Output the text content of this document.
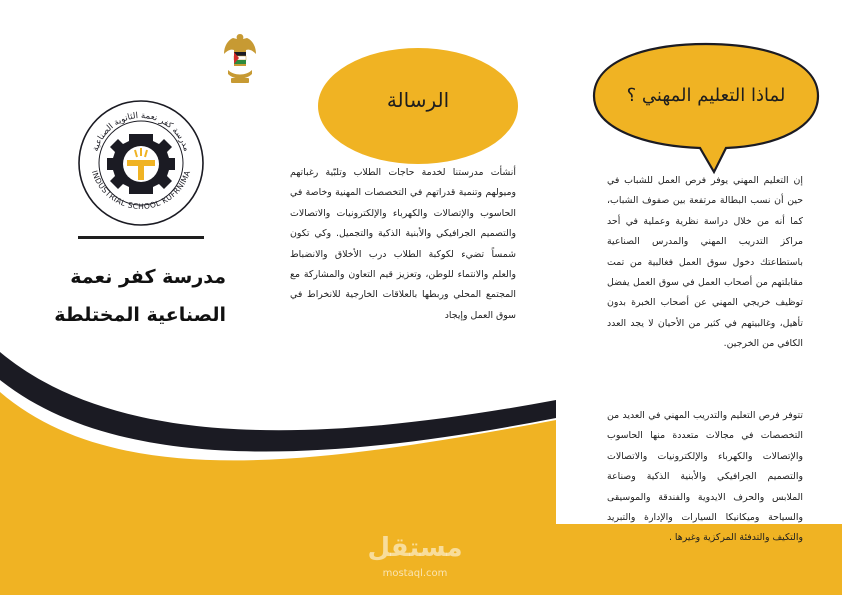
مدرسة كفر نعمة الثانوية الصناعية
INDUSTRIAL SCHOOL KUFRNIMA
مدرسة كفر نعمة
الصناعية المختلطة
الرسالة
أنشأت مدرستنا لخدمة حاجات الطلاب وتلبّية رغباتهم وميولهم وتنمية قدراتهم في التخصصات المهنية وخاصة في الحاسوب والإتصالات والكهرباء والإلكترونيات والاتصالات والتصميم الجرافيكي والأبنية الذكية والتجميل. وكي تكون شمساً تضيء لكوكبة الطلاب درب الأخلاق والانضباط والعلم والانتماء للوطن، وتعزيز قيم التعاون والمشاركة مع المجتمع المحلي وربطها بالعلاقات الخارجية للانخراط في سوق العمل وإيجاد
لماذا التعليم المهني ؟
إن التعليم المهني يوفر فرص العمل للشباب في حين أن نسب البطالة مرتفعة بين صفوف الشباب، كما أنه من خلال دراسة نظرية وعملية في أحد مراكز التدريب المهني والمدرس الصناعية باستطاعتك دخول سوق العمل فغالبية من تمت مقابلتهم من أصحاب العمل في سوق العمل يفضل توظيف خريجي المهني عن أصحاب الخبرة بدون تأهيل، وغالبيتهم في كثير من الأحيان لا يجد العدد الكافي من الخرجين.
تتوفر فرص التعليم والتدريب المهني في العديد من التخصصات في مجالات متعددة منها الحاسوب والإتصالات والكهرباء والإلكترونيات والاتصالات والتصميم الجرافيكي والأبنية الذكية وصناعة الملابس والحرف الايدوية والفندقة والموسيقى والسياحة وميكانيكا السيارات والإدارة والتبريد والتكيف والتدفئة المركزية وغيرها .
مستقل
mostaql.com
